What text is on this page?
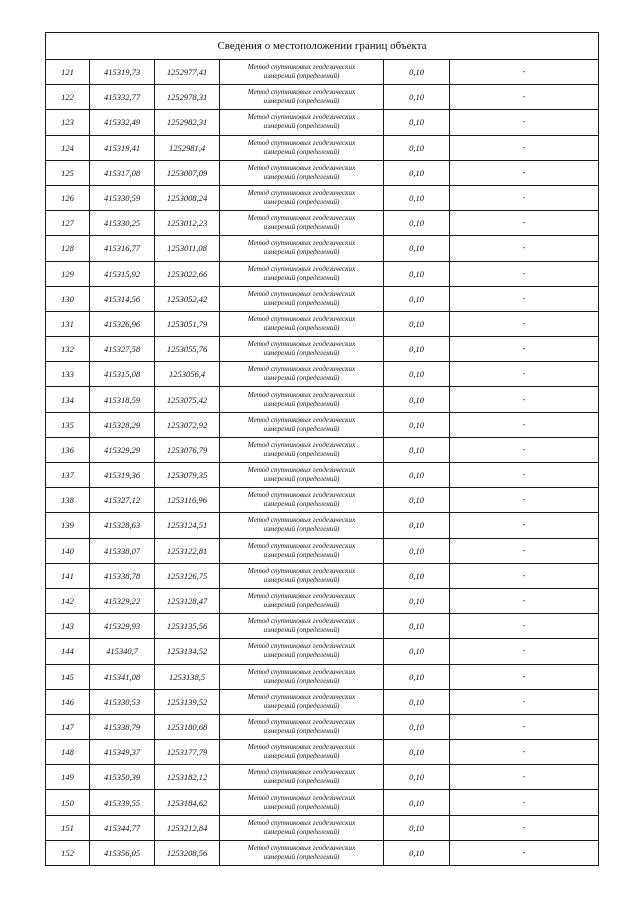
Сведения о местоположении границ объекта					
121	415319,73	1252977,41	Метод спутниковых геодезических
измерений (определений)	0,10	-
122	415332,77	1252978,31	Метод спутниковых геодезических
измерений (определений)	0,10	-
123	415332,49	1252982,31	Метод спутниковых геодезических
измерений (определений)	0,10	-
124	415319,41	1252981,4	Метод спутниковых геодезических
измерений (определений)	0,10	-
125	415317,08	1253007,09	Метод спутниковых геодезических
измерений (определений)	0,10	-
126	415330,59	1253008,24	Метод спутниковых геодезических
измерений (определений)	0,10	-
127	415330,25	1253012,23	Метод спутниковых геодезических
измерений (определений)	0,10	-
128	415316,77	1253011,08	Метод спутниковых геодезических
измерений (определений)	0,10	-
129	415315,92	1253022,66	Метод спутниковых геодезических
измерений (определений)	0,10	-
130	415314,56	1253052,42	Метод спутниковых геодезических
измерений (определений)	0,10	-
131	415326,96	1253051,79	Метод спутниковых геодезических
измерений (определений)	0,10	-
132	415327,58	1253055,76	Метод спутниковых геодезических
измерений (определений)	0,10	-
133	415315,08	1253056,4	Метод спутниковых геодезических
измерений (определений)	0,10	-
134	415318,59	1253075,42	Метод спутниковых геодезических
измерений (определений)	0,10	-
135	415328,29	1253072,92	Метод спутниковых геодезических
измерений (определений)	0,10	-
136	415329,29	1253076,79	Метод спутниковых геодезических
измерений (определений)	0,10	-
137	415319,36	1253079,35	Метод спутниковых геодезических
измерений (определений)	0,10	-
138	415327,12	1253116,96	Метод спутниковых геодезических
измерений (определений)	0,10	-
139	415328,63	1253124,51	Метод спутниковых геодезических
измерений (определений)	0,10	-
140	415338,07	1253122,81	Метод спутниковых геодезических
измерений (определений)	0,10	-
141	415338,78	1253126,75	Метод спутниковых геодезических
измерений (определений)	0,10	-
142	415329,22	1253128,47	Метод спутниковых геодезических
измерений (определений)	0,10	-
143	415329,93	1253135,56	Метод спутниковых геодезических
измерений (определений)	0,10	-
144	415340,7	1253134,52	Метод спутниковых геодезических
измерений (определений)	0,10	-
145	415341,08	1253138,5	Метод спутниковых геодезических
измерений (определений)	0,10	-
146	415330,53	1253139,52	Метод спутниковых геодезических
измерений (определений)	0,10	-
147	415338,79	1253180,68	Метод спутниковых геодезических
измерений (определений)	0,10	-
148	415349,37	1253177,79	Метод спутниковых геодезических
измерений (определений)	0,10	-
149	415350,39	1253182,12	Метод спутниковых геодезических
измерений (определений)	0,10	-
150	415339,55	1253184,62	Метод спутниковых геодезических
измерений (определений)	0,10	-
151	415344,77	1253212,84	Метод спутниковых геодезических
измерений (определений)	0,10	-
152	415356,05	1253208,56	Метод спутниковых геодезических
измерений (определений)	0,10	-
